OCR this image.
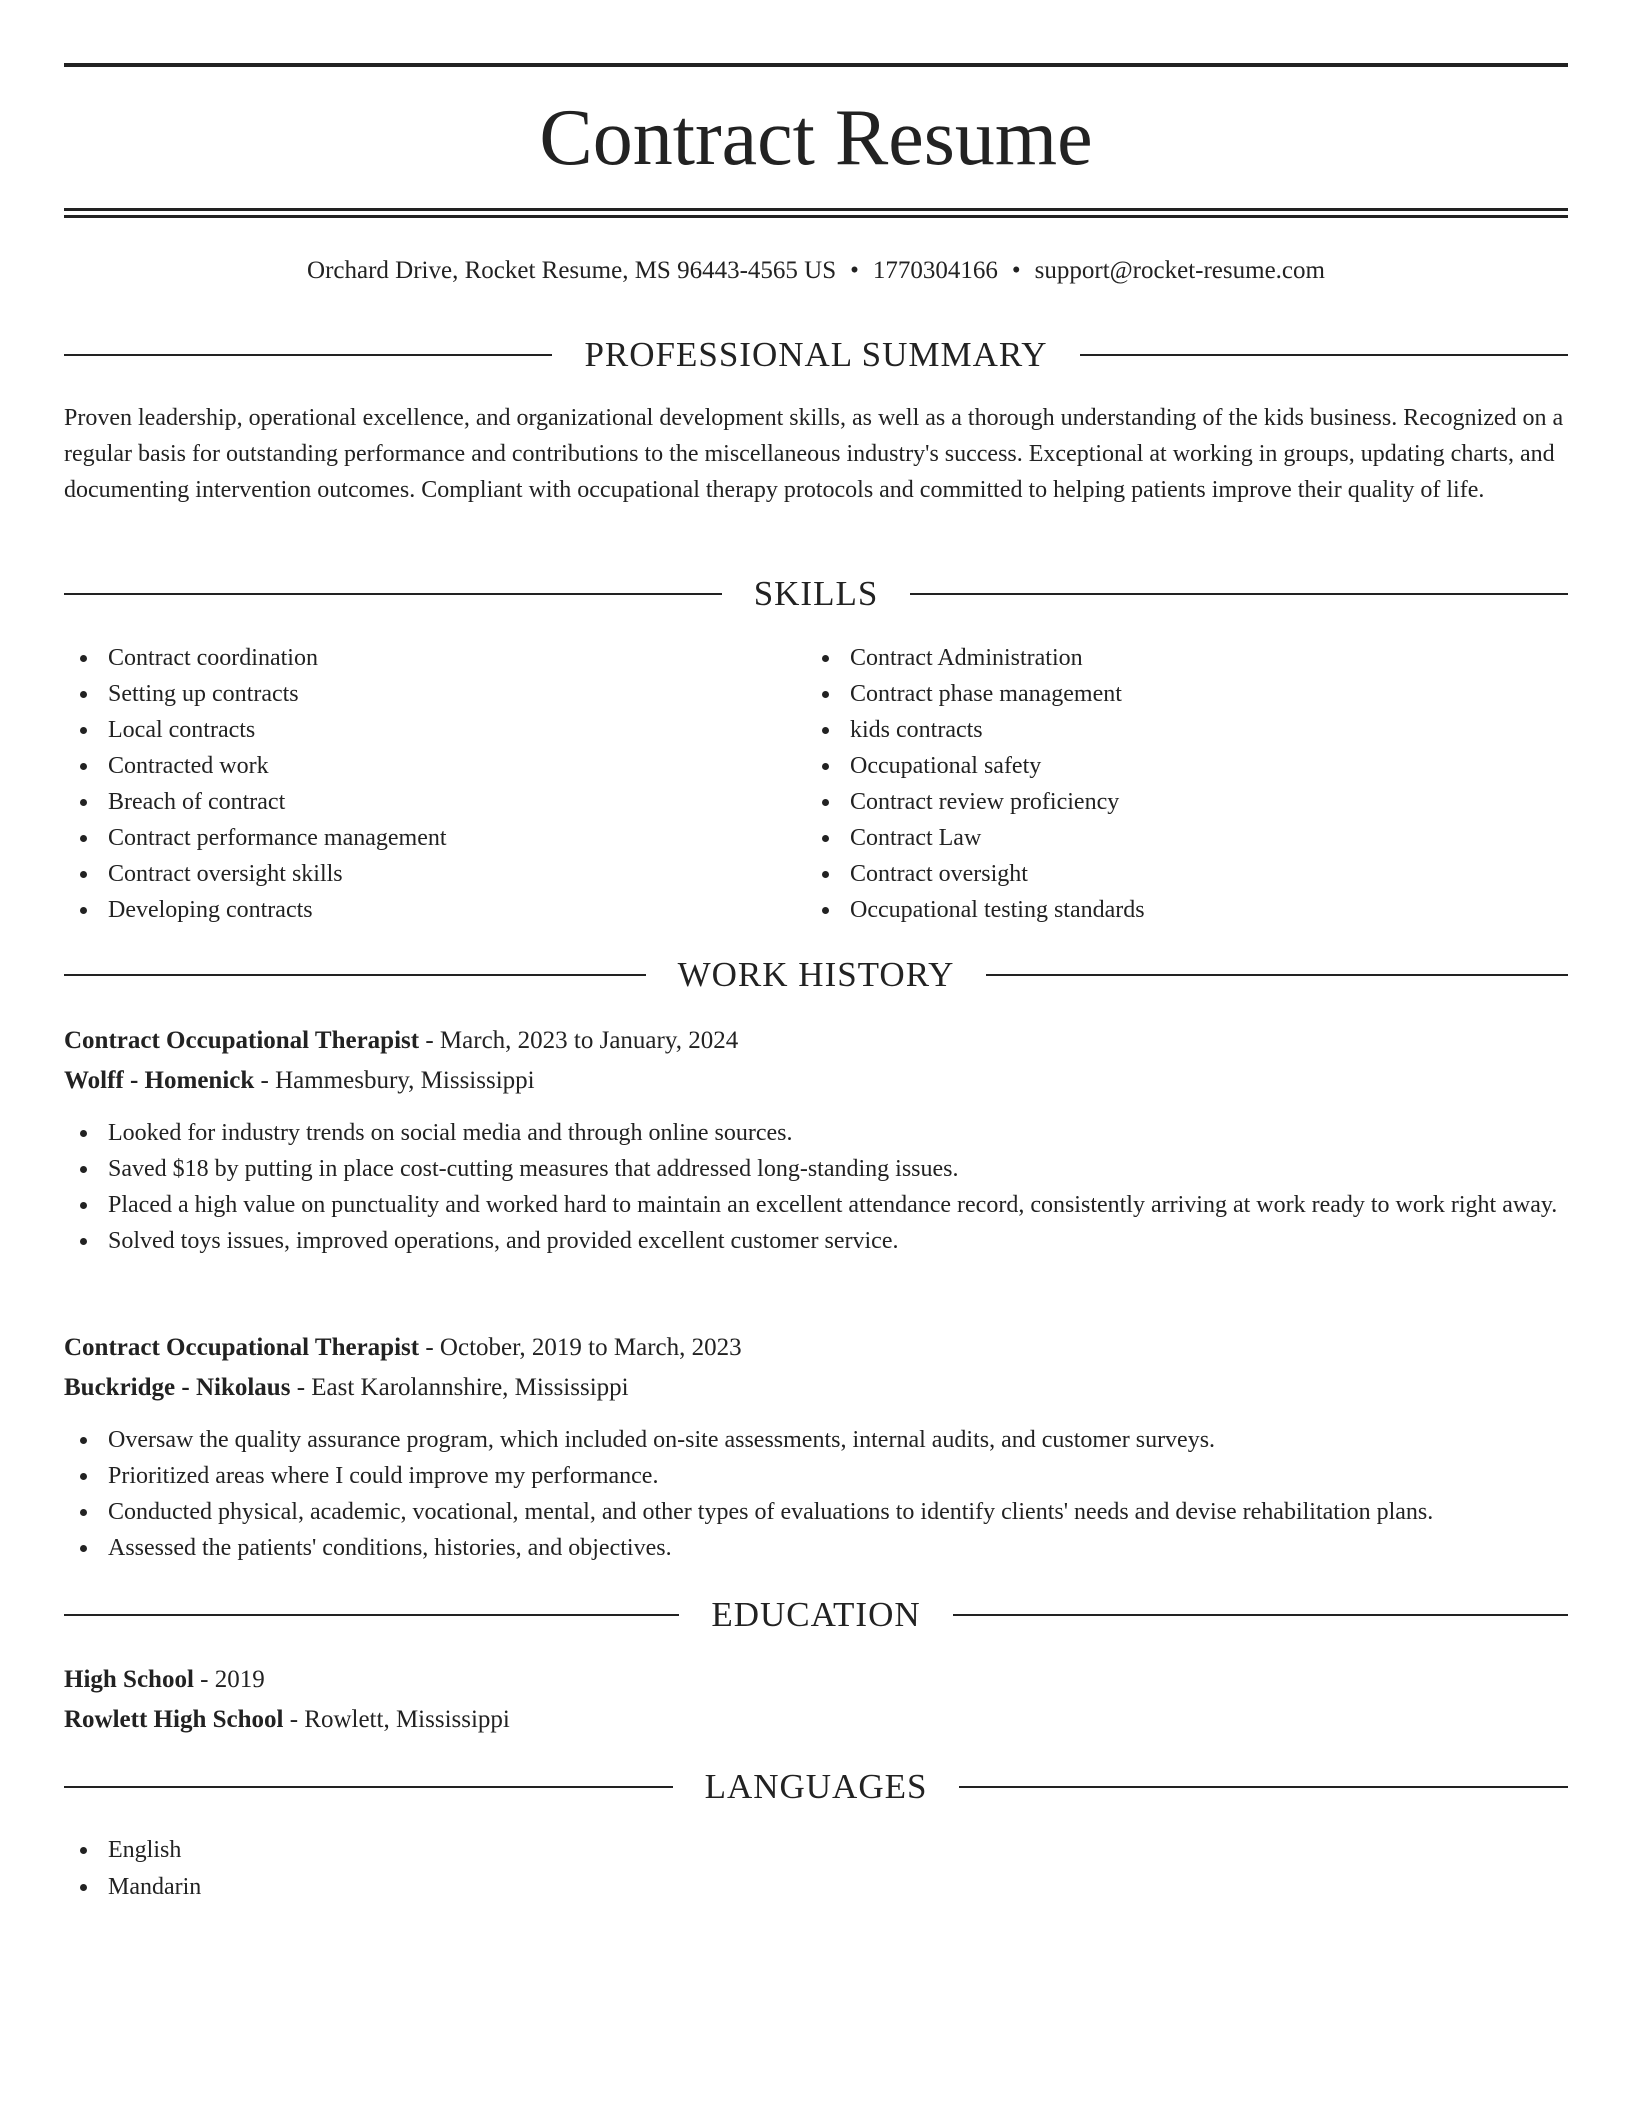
Contract Resume
Orchard Drive, Rocket Resume, MS 96443-4565 US • 1770304166 • support@rocket-resume.com
PROFESSIONAL SUMMARY

Proven leadership, operational excellence, and organizational development skills, as well as a thorough understanding of the kids business. Recognized on a regular basis for outstanding performance and contributions to the miscellaneous industry's success. Exceptional at working in groups, updating charts, and documenting intervention outcomes. Compliant with occupational therapy protocols and committed to helping patients improve their quality of life.

SKILLS
Contract coordination
Setting up contracts
Local contracts
Contracted work
Breach of contract
Contract performance management
Contract oversight skills
Developing contracts
Contract Administration
Contract phase management
kids contracts
Occupational safety
Contract review proficiency
Contract Law
Contract oversight
Occupational testing standards
WORK HISTORY
Contract Occupational Therapist - March, 2023 to January, 2024
Wolff - Homenick - Hammesbury, Mississippi
Looked for industry trends on social media and through online sources.
Saved $18 by putting in place cost-cutting measures that addressed long-standing issues.
Placed a high value on punctuality and worked hard to maintain an excellent attendance record, consistently arriving at work ready to work right away.
Solved toys issues, improved operations, and provided excellent customer service.
Contract Occupational Therapist - October, 2019 to March, 2023
Buckridge - Nikolaus - East Karolannshire, Mississippi
Oversaw the quality assurance program, which included on-site assessments, internal audits, and customer surveys.
Prioritized areas where I could improve my performance.
Conducted physical, academic, vocational, mental, and other types of evaluations to identify clients' needs and devise rehabilitation plans.
Assessed the patients' conditions, histories, and objectives.
EDUCATION
High School - 2019
Rowlett High School - Rowlett, Mississippi
LANGUAGES
English
Mandarin
